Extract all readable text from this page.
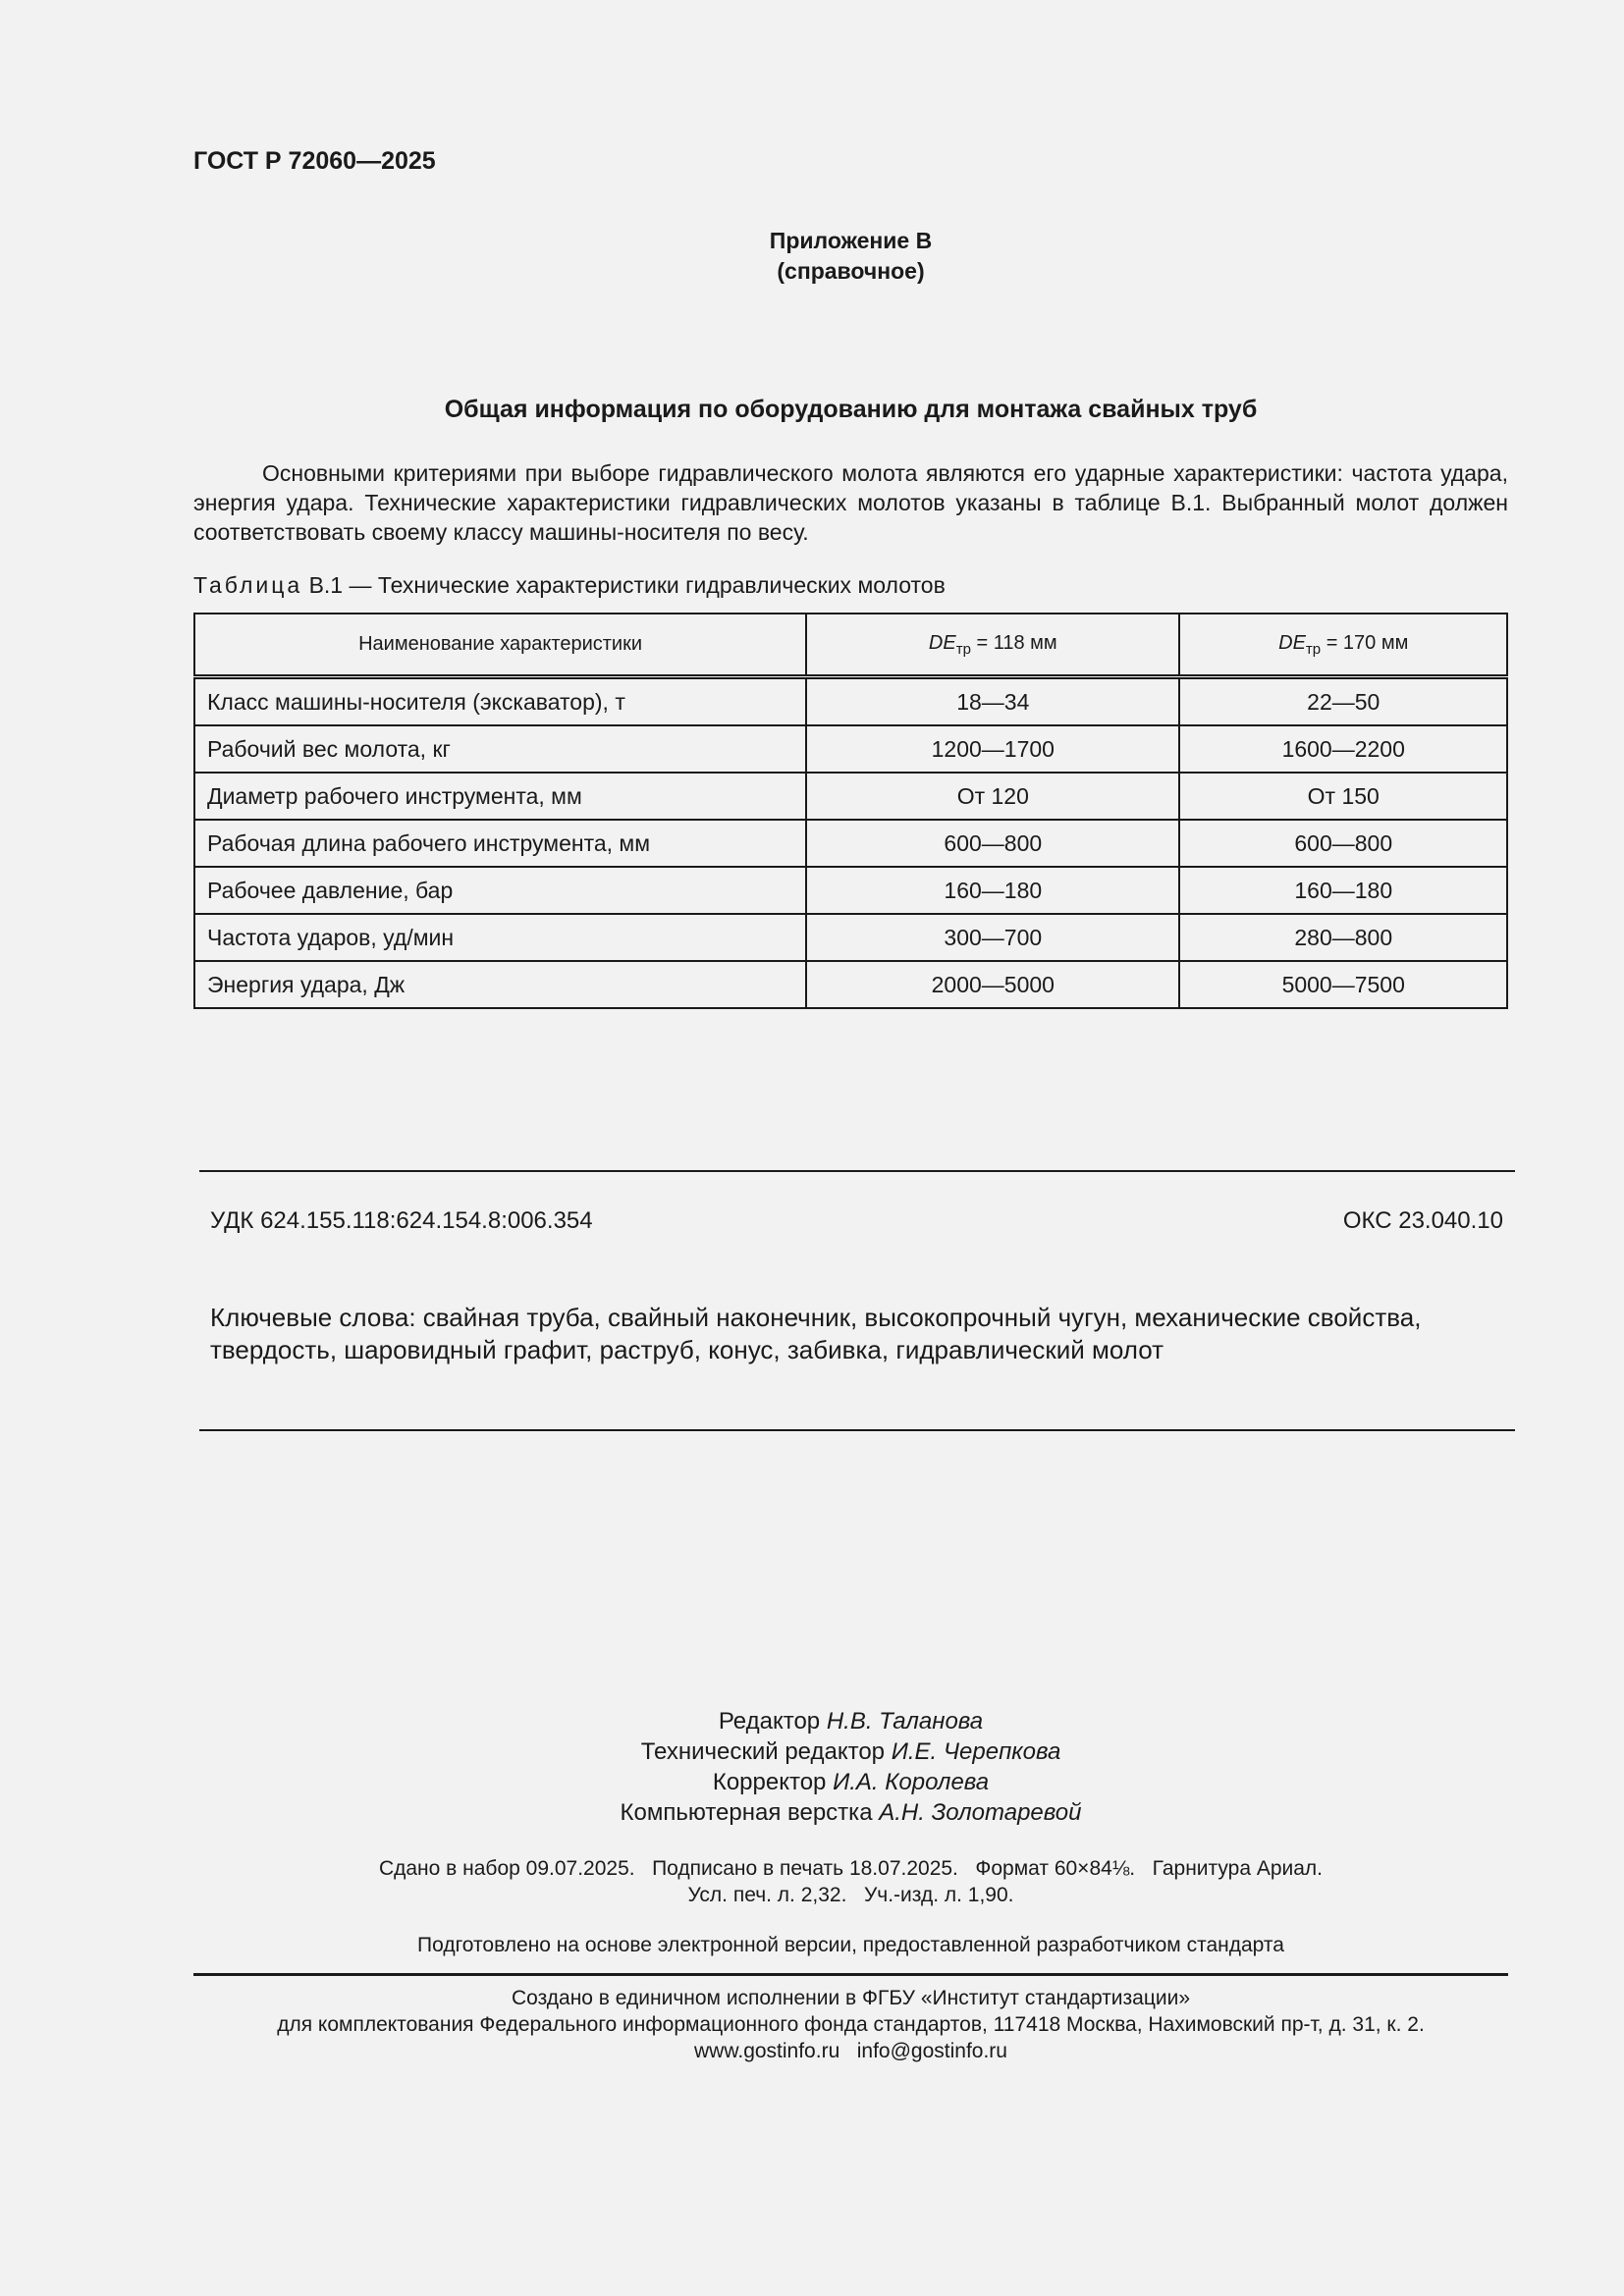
ГОСТ Р 72060—2025
Приложение В
(справочное)
Общая информация по оборудованию для монтажа свайных труб

Основными критериями при выборе гидравлического молота являются его ударные характеристики: частота удара, энергия удара. Технические характеристики гидравлических молотов указаны в таблице В.1. Выбранный молот должен соответствовать своему классу машины-носителя по весу.

Таблица В.1 — Технические характеристики гидравлических молотов
Наименование характеристики	$DE_{тр} = 118$ мм	$DE_{тр} = 170$ мм
Класс машины-носителя (экскаватор), т	18—34	22—50
Рабочий вес молота, кг	1200—1700	1600—2200
Диаметр рабочего инструмента, мм	От 120	От 150
Рабочая длина рабочего инструмента, мм	600—800	600—800
Рабочее давление, бар	160—180	160—180
Частота ударов, уд/мин	300—700	280—800
Энергия удара, Дж	2000—5000	5000—7500
УДК 624.155.118:624.154.8:006.354	ОКС 23.040.10

Ключевые слова: свайная труба, свайный наконечник, высокопрочный чугун, механические свойства, твердость, шаровидный графит, раструб, конус, забивка, гидравлический молот

Редактор Н.В. Таланова
Технический редактор И.Е. Черепкова
Корректор И.А. Королева
Компьютерная верстка А.Н. Золотаревой
Сдано в набор 09.07.2025.   Подписано в печать 18.07.2025.   Формат 60×84⅛.   Гарнитура Ариал.
Усл. печ. л. 2,32.   Уч.-изд. л. 1,90.
Подготовлено на основе электронной версии, предоставленной разработчиком стандарта
Создано в единичном исполнении в ФГБУ «Институт стандартизации»
для комплектования Федерального информационного фонда стандартов, 117418 Москва, Нахимовский пр-т, д. 31, к. 2.
www.gostinfo.ru   info@gostinfo.ru
